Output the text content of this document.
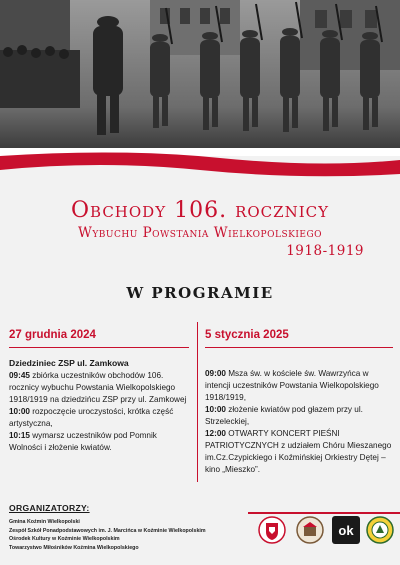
Obchody 106. rocznicy
Wybuchu Powstania Wielkopolskiego
1918-1919
W PROGRAMIE
27 grudnia 2024
Dziedziniec ZSP ul. Zamkowa

09:45 zbiórka uczestników obchodów 106. rocznicy wybuchu Powstania Wielkopolskiego 1918/1919 na dziedzińcu ZSP przy ul. Zamkowej

10:00 rozpoczęcie uroczystości, krótka część artystyczna,

10:15 wymarsz uczestników pod Pomnik Wolności i złożenie kwiatów.

5 stycznia 2025

09:00 Msza św. w kościele św. Wawrzyńca w intencji uczestników Powstania Wielkopolskiego 1918/1919,

10:00 złożenie kwiatów pod głazem przy ul. Strzeleckiej,

12:00 OTWARTY KONCERT PIEŚNI PATRIOTYCZNYCH z udziałem Chóru Mieszanego im.Cz.Czypickiego i Koźmińskiej Orkiestry Dętej – kino „Mieszko”.

ORGANIZATORZY:
Gmina Koźmin Wielkopolski
Zespół Szkół Ponadpodstawowych im. J. Marcińca w Koźminie Wielkopolskim
Ośrodek Kultury w Koźminie Wielkopolskim
Towarzystwo Miłośników Koźmina Wielkopolskiego
ok
